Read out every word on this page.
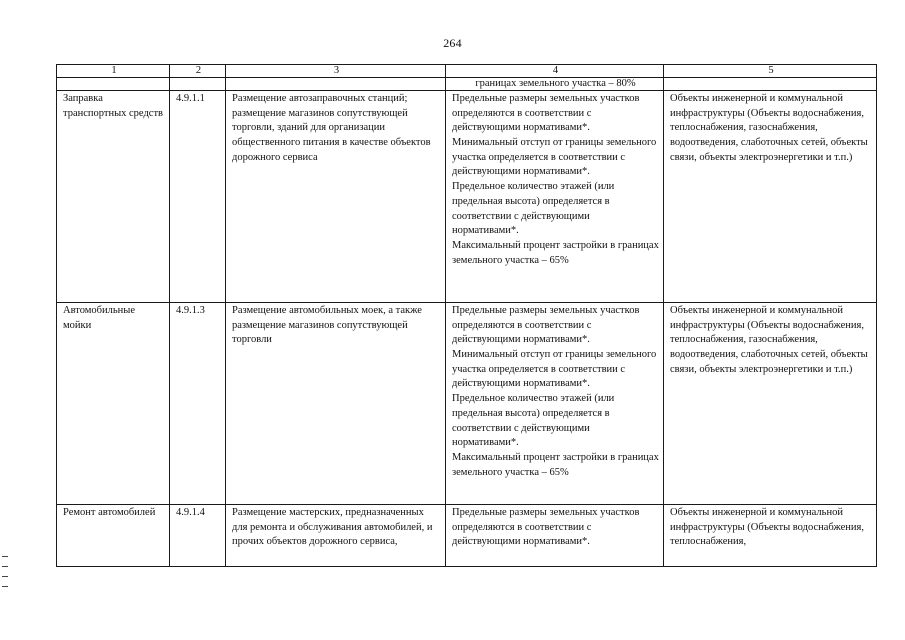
264
1	2	3	4	5
			границах земельного участка – 80%	
Заправка транспортных средств	4.9.1.1	Размещение автозаправочных станций; размещение магазинов сопутствующей торговли, зданий для организации общественного питания в качестве объектов дорожного сервиса	Предельные размеры земельных участков определяются в соответствии с действующими нормативами*.
Минимальный отступ от границы земельного участка определяется в соответствии с действующими нормативами*.
Предельное количество этажей (или предельная высота) определяется в соответствии с действующими нормативами*.
Максимальный процент застройки в границах земельного участка – 65%	Объекты инженерной и коммунальной инфраструктуры (Объекты водоснабжения, теплоснабжения, газоснабжения, водоотведения, слаботочных сетей, объекты связи, объекты электроэнергетики и т.п.)
Автомобильные мойки	4.9.1.3	Размещение автомобильных моек, а также размещение магазинов сопутствующей торговли	Предельные размеры земельных участков определяются в соответствии с действующими нормативами*.
Минимальный отступ от границы земельного участка определяется в соответствии с действующими нормативами*.
Предельное количество этажей (или предельная высота) определяется в соответствии с действующими нормативами*.
Максимальный процент застройки в границах земельного участка – 65%	Объекты инженерной и коммунальной инфраструктуры (Объекты водоснабжения, теплоснабжения, газоснабжения, водоотведения, слаботочных сетей, объекты связи, объекты электроэнергетики и т.п.)
Ремонт автомобилей	4.9.1.4	Размещение мастерских, предназначенных для ремонта и обслуживания автомобилей, и прочих объектов дорожного сервиса,	Предельные размеры земельных участков определяются в соответствии с действующими нормативами*.	Объекты инженерной и коммунальной инфраструктуры (Объекты водоснабжения, теплоснабжения,
